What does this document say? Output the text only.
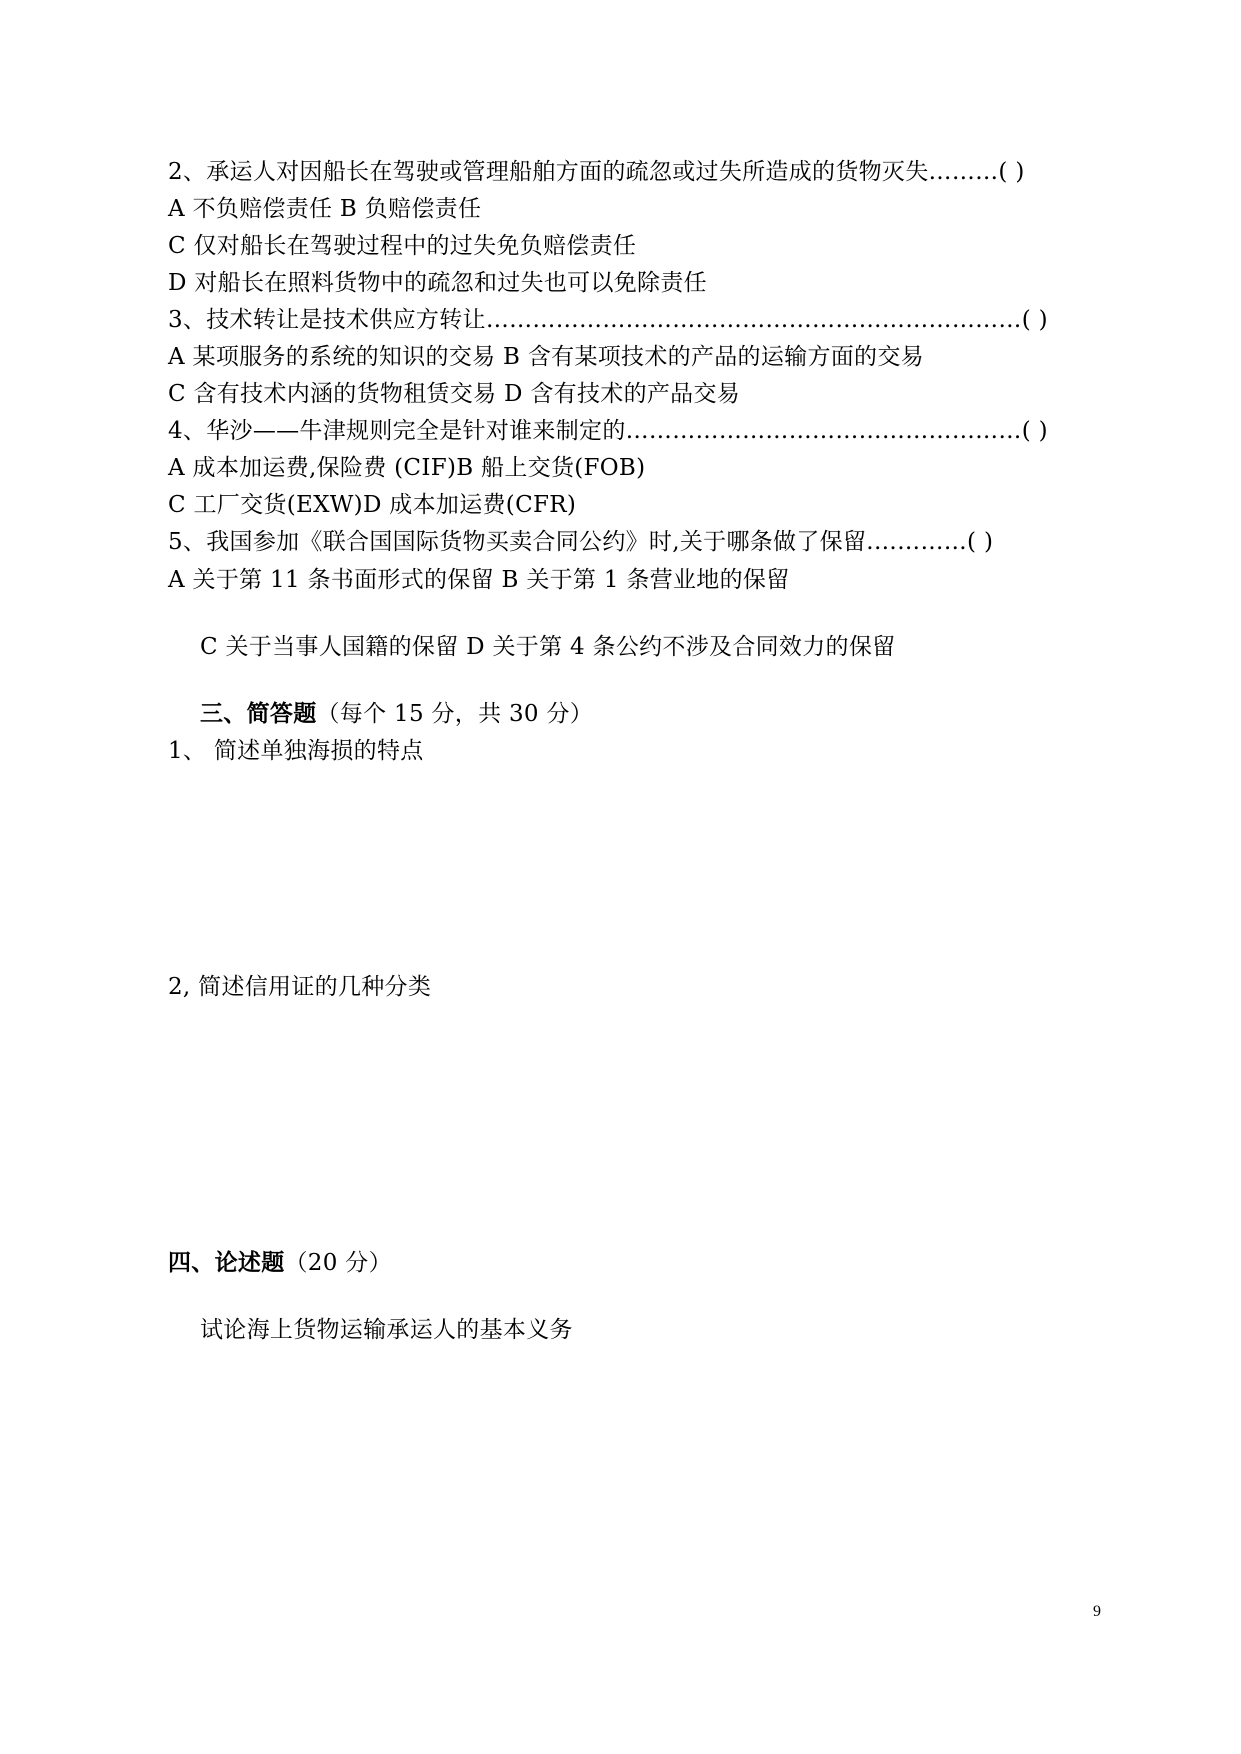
2、承运人对因船长在驾驶或管理船舶方面的疏忽或过失所造成的货物灭失………( )
A 不负赔偿责任 B 负赔偿责任
C 仅对船长在驾驶过程中的过失免负赔偿责任
D 对船长在照料货物中的疏忽和过失也可以免除责任
3、技术转让是技术供应方转让……………………………………………………………( )
A 某项服务的系统的知识的交易 B 含有某项技术的产品的运输方面的交易
C 含有技术内涵的货物租赁交易 D 含有技术的产品交易
4、华沙——牛津规则完全是针对谁来制定的……………………………………………( )
A 成本加运费,保险费 (CIF)B 船上交货(FOB)
C 工厂交货(EXW)D 成本加运费(CFR)
5、我国参加《联合国国际货物买卖合同公约》时,关于哪条做了保留.…………( )
A 关于第 11 条书面形式的保留 B 关于第 1 条营业地的保留
C 关于当事人国籍的保留 D 关于第 4 条公约不涉及合同效力的保留
三、简答题（每个 15 分，共 30 分）
1、 简述单独海损的特点
2, 简述信用证的几种分类
四、论述题（20 分）
试论海上货物运输承运人的基本义务
9
